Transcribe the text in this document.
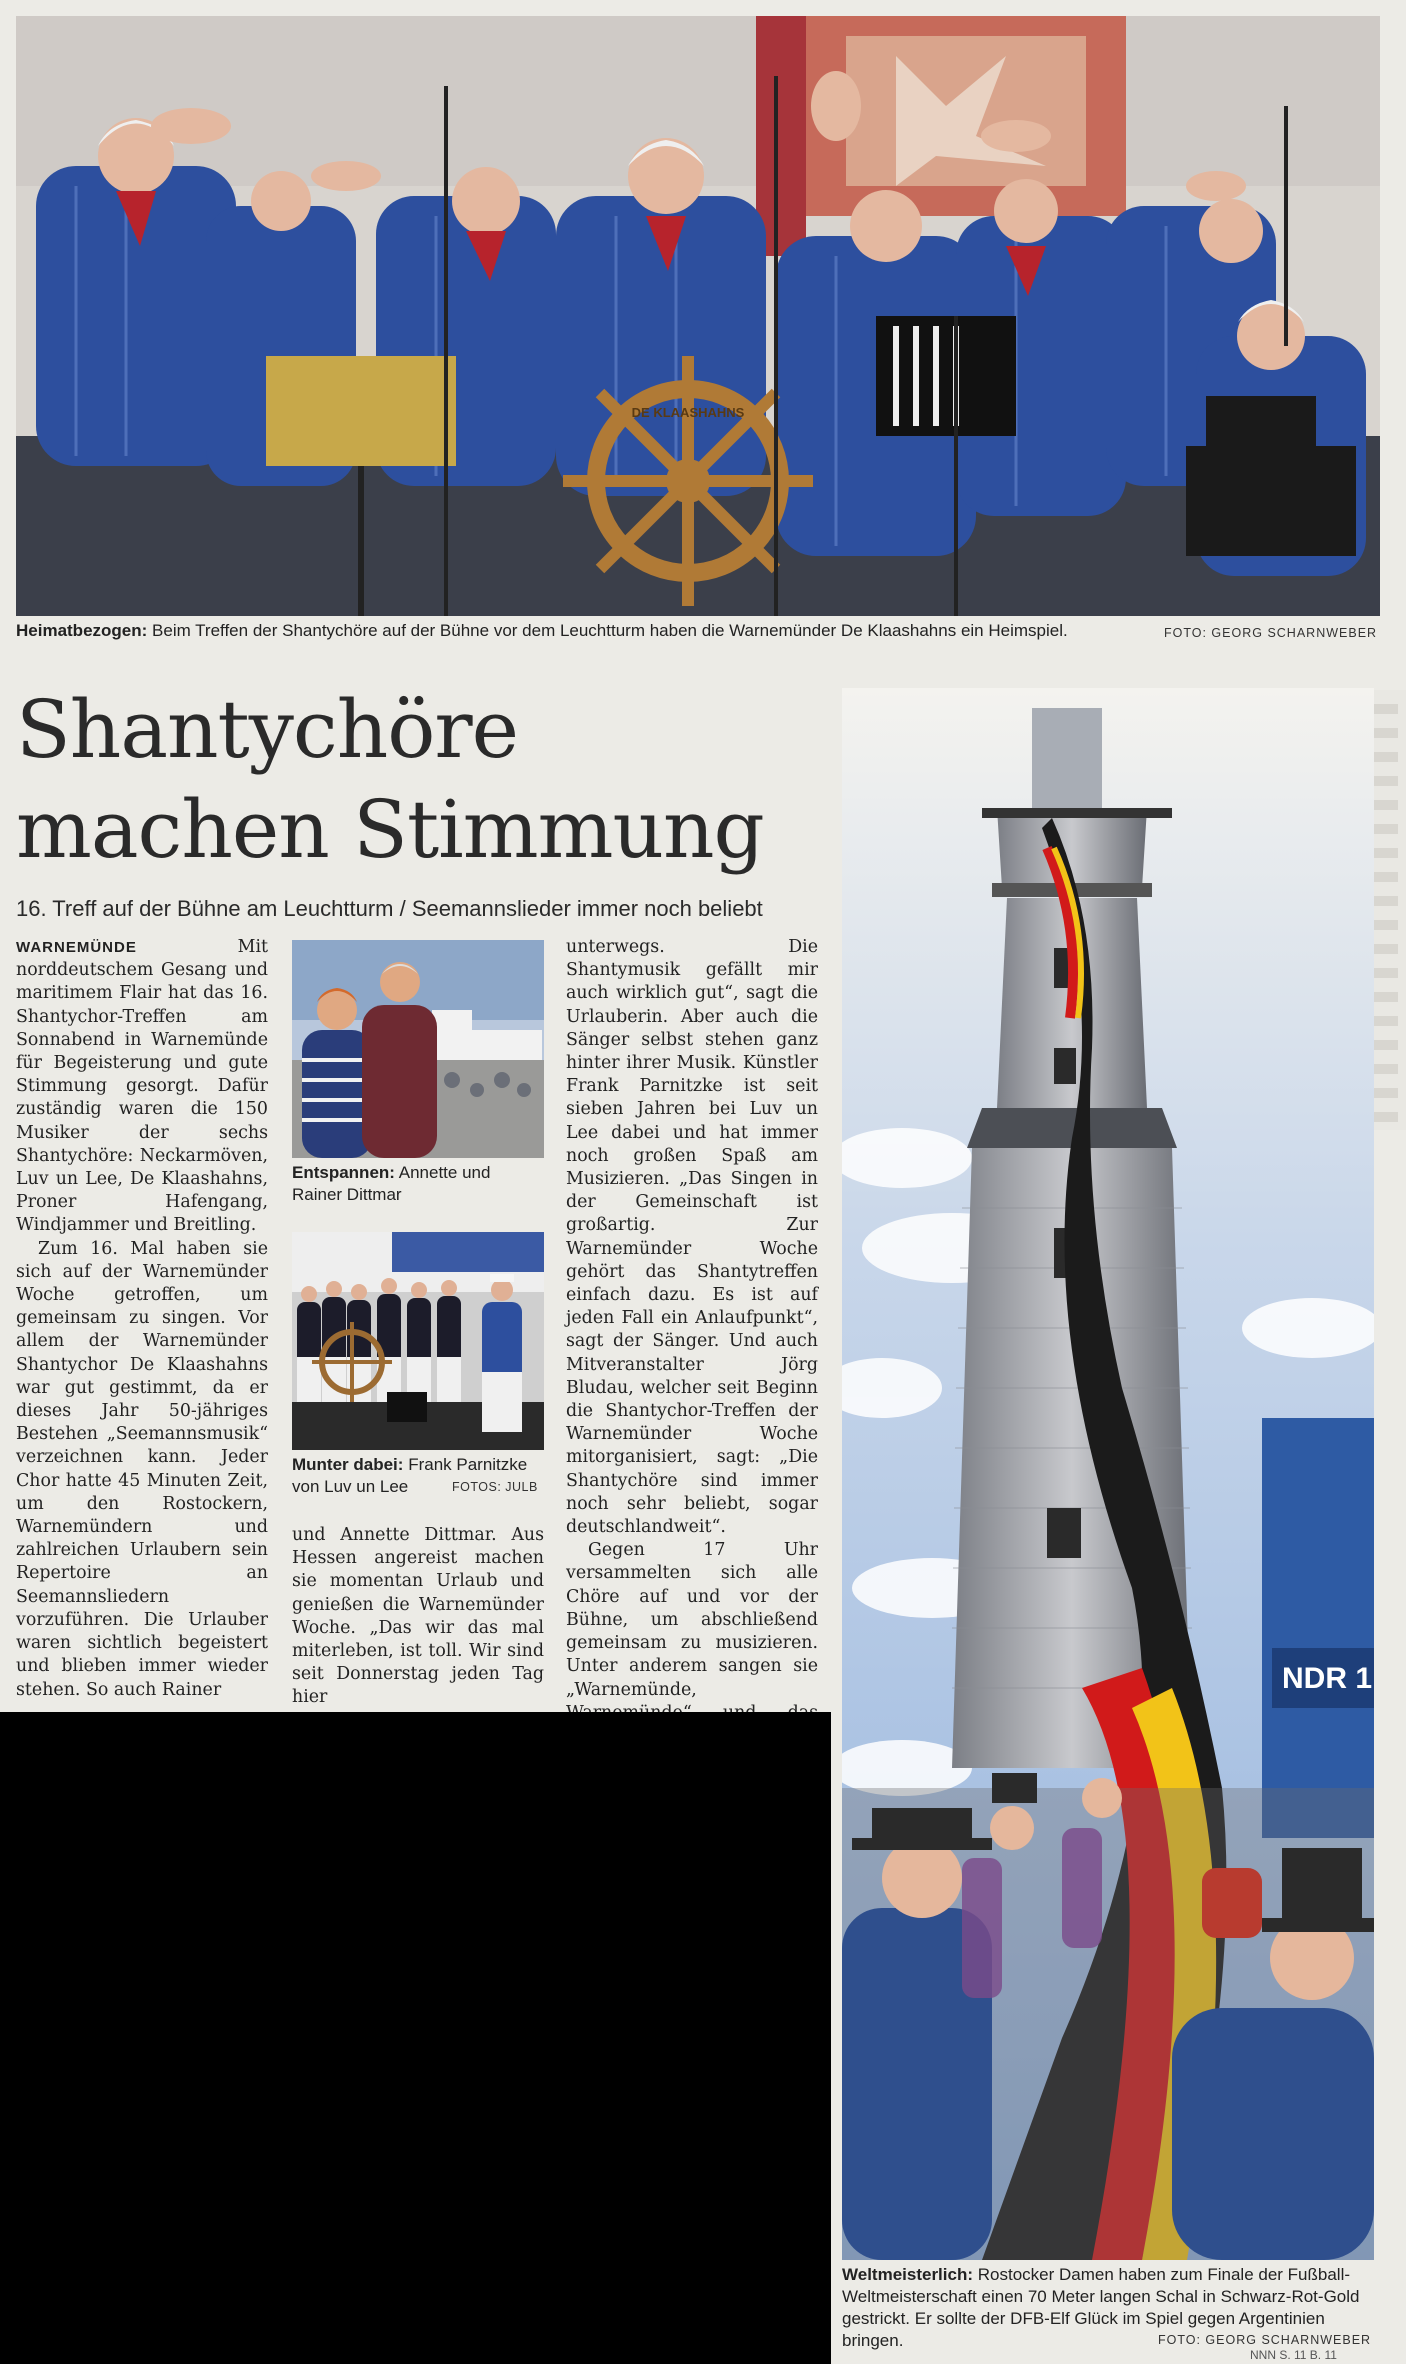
DE KLAASHAHNS
Heimatbezogen: Beim Treffen der Shantychöre auf der Bühne vor dem Leuchtturm haben die Warnemünder De Klaashahns ein Heimspiel.	FOTO: GEORG SCHARNWEBER
Shantychöre
machen Stimmung
16. Treff auf der Bühne am Leuchtturm / Seemannslieder immer noch beliebt

WARNEMÜNDE	Mit norddeutschem Gesang und maritimem Flair hat das 16. Shantychor-Treffen am Sonnabend in Warnemünde für Begeisterung und gute Stimmung gesorgt. Dafür zuständig waren die 150 Musiker der sechs Shantychöre: Neckarmöven, Luv un Lee, De Klaashahns, Proner Hafengang, Windjammer und Breitling.

Zum 16. Mal haben sie sich auf der Warnemünder Woche getroffen, um gemeinsam zu singen. Vor allem der Warnemünder Shantychor De Klaashahns war gut gestimmt, da er dieses Jahr 50-jähriges Bestehen „Seemannsmusik“ verzeichnen kann. Jeder Chor hatte 45 Minuten Zeit, um den Rostockern, Warnemündern und zahlreichen Urlaubern sein Repertoire an Seemannsliedern vorzuführen. Die Urlauber waren sichtlich begeistert und blieben immer wieder stehen. So auch Rainer

Entspannen: Annette und Rainer Dittmar
Munter dabei: Frank Parnitzke von Luv un Lee	FOTOS: JULB

und Annette Dittmar. Aus Hessen angereist machen sie momentan Urlaub und genießen die Warnemünder Woche. „Das wir das mal miterleben, ist toll. Wir sind seit Donnerstag jeden Tag hier

unterwegs. Die Shantymusik gefällt mir auch wirklich gut“, sagt die Urlauberin. Aber auch die Sänger selbst stehen ganz hinter ihrer Musik. Künstler Frank Parnitzke ist seit sieben Jahren bei Luv un Lee dabei und hat immer noch großen Spaß am Musizieren. „Das Singen in der Gemeinschaft ist großartig. Zur Warnemünder Woche gehört das Shantytreffen einfach dazu. Es ist auf jeden Fall ein Anlaufpunkt“, sagt der Sänger. Und auch Mitveranstalter Jörg Bludau, welcher seit Beginn die Shantychor-Treffen der Warnemünder Woche mitorganisiert, sagt: „Die Shantychöre sind immer noch sehr beliebt, sogar deutschlandweit“.

Gegen 17 Uhr versammelten sich alle Chöre auf und vor der Bühne, um abschließend gemeinsam zu musizieren. Unter anderem sangen sie „Warnemünde,	NDR 1
Weltmeisterlich: Rostocker Damen haben zum Finale der Fußball-Weltmeisterschaft einen 70 Meter langen Schal in Schwarz-Rot-Gold gestrickt. Er sollte der DFB-Elf Glück im Spiel gegen Argentinien bringen.	FOTO: GEORG SCHARNWEBER
NNN S. 11 B. 11
